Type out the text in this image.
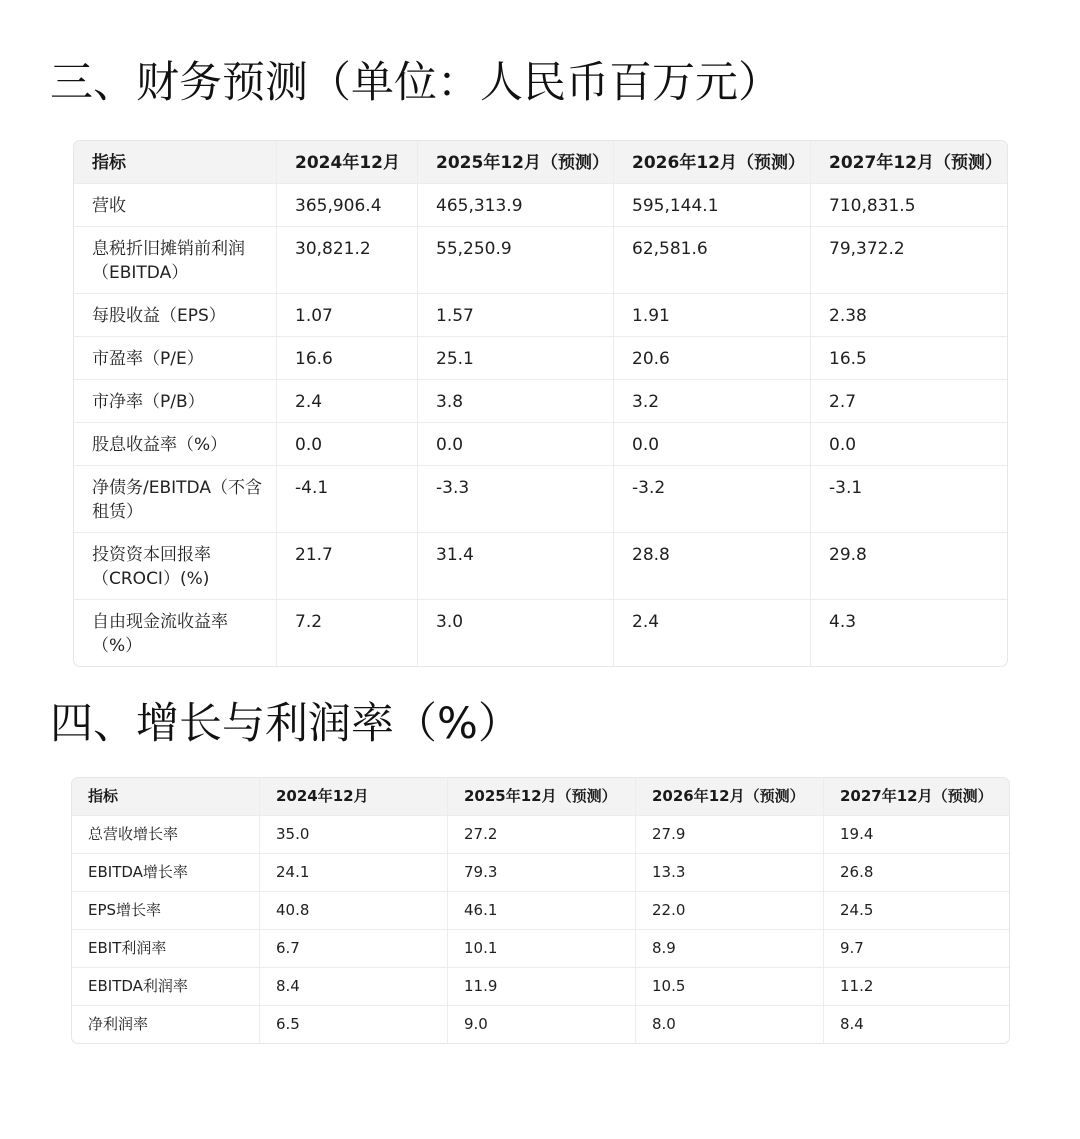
三、财务预测（单位：人民币百万元）
指标	2024年12月	2025年12月（预测）	2026年12月（预测）	2027年12月（预测）
营收	365,906.4	465,313.9	595,144.1	710,831.5
息税折旧摊销前利润（EBITDA）	30,821.2	55,250.9	62,581.6	79,372.2
每股收益（EPS）	1.07	1.57	1.91	2.38
市盈率（P/E）	16.6	25.1	20.6	16.5
市净率（P/B）	2.4	3.8	3.2	2.7
股息收益率（%）	0.0	0.0	0.0	0.0
净债务/EBITDA（不含租赁）	-4.1	-3.3	-3.2	-3.1
投资资本回报率（CROCI）(%)	21.7	31.4	28.8	29.8
自由现金流收益率（%）	7.2	3.0	2.4	4.3
四、增长与利润率（%）
指标	2024年12月	2025年12月（预测）	2026年12月（预测）	2027年12月（预测）
总营收增长率	35.0	27.2	27.9	19.4
EBITDA增长率	24.1	79.3	13.3	26.8
EPS增长率	40.8	46.1	22.0	24.5
EBIT利润率	6.7	10.1	8.9	9.7
EBITDA利润率	8.4	11.9	10.5	11.2
净利润率	6.5	9.0	8.0	8.4
